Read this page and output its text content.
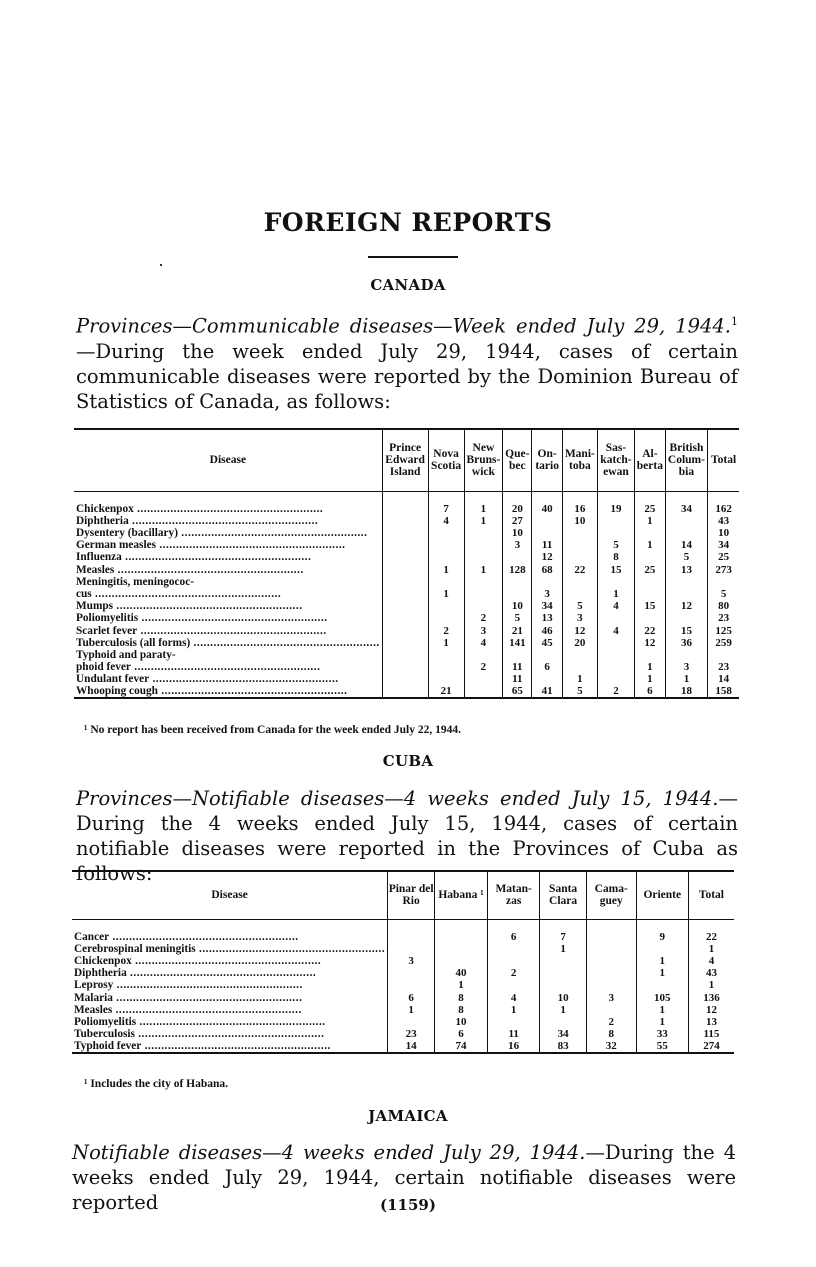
FOREIGN REPORTS
CANADA
Provinces—Communicable diseases—Week ended July 29, 1944.$^1$—During the week ended July 29, 1944, cases of certain communicable diseases were reported by the Dominion Bureau of Statistics of Canada, as follows:
Disease	Prince Edward Island	Nova Scotia	New Bruns-wick	Que-bec	On-tario	Mani-toba	Sas-katch-ewan	Al-berta	British Colum-bia	Total

Chickenpox .....		7	1	20	40	16	19	25	34	162
Diphtheria .....		4	1	27		10		1		43
Dysentery (bacillary) .....				10						10
German measles .....				3	11		5	1	14	34
Influenza .....					12		8		5	25
Measles .....		1	1	128	68	22	15	25	13	273
Meningitis, meningococ-										
cus .....		1			3		1			5
Mumps .....				10	34	5	4	15	12	80
Poliomyelitis .....			2	5	13	3				23
Scarlet fever .....		2	3	21	46	12	4	22	15	125
Tuberculosis (all forms) .....		1	4	141	45	20		12	36	259
Typhoid and paraty-										
phoid fever .....			2	11	6			1	3	23
Undulant fever .....				11		1		1	1	14
Whooping cough .....		21		65	41	5	2	6	18	158
¹ No report has been received from Canada for the week ended July 22, 1944.
CUBA
Provinces—Notifiable diseases—4 weeks ended July 15, 1944.—During the 4 weeks ended July 15, 1944, cases of certain notifiable diseases were reported in the Provinces of Cuba as follows:
Disease	Pinar del Rio	Habana ¹	Matan-zas	Santa Clara	Cama-guey	Oriente	Total

Cancer .....			6	7		9	22
Cerebrospinal meningitis .....				1			1
Chickenpox .....	3					1	4
Diphtheria .....		40	2			1	43
Leprosy .....		1					1
Malaria .....	6	8	4	10	3	105	136
Measles .....	1	8	1	1		1	12
Poliomyelitis .....		10			2	1	13
Tuberculosis .....	23	6	11	34	8	33	115
Typhoid fever .....	14	74	16	83	32	55	274
¹ Includes the city of Habana.
JAMAICA
Notifiable diseases—4 weeks ended July 29, 1944.—During the 4 weeks ended July 29, 1944, certain notifiable diseases were reported	(1159)
